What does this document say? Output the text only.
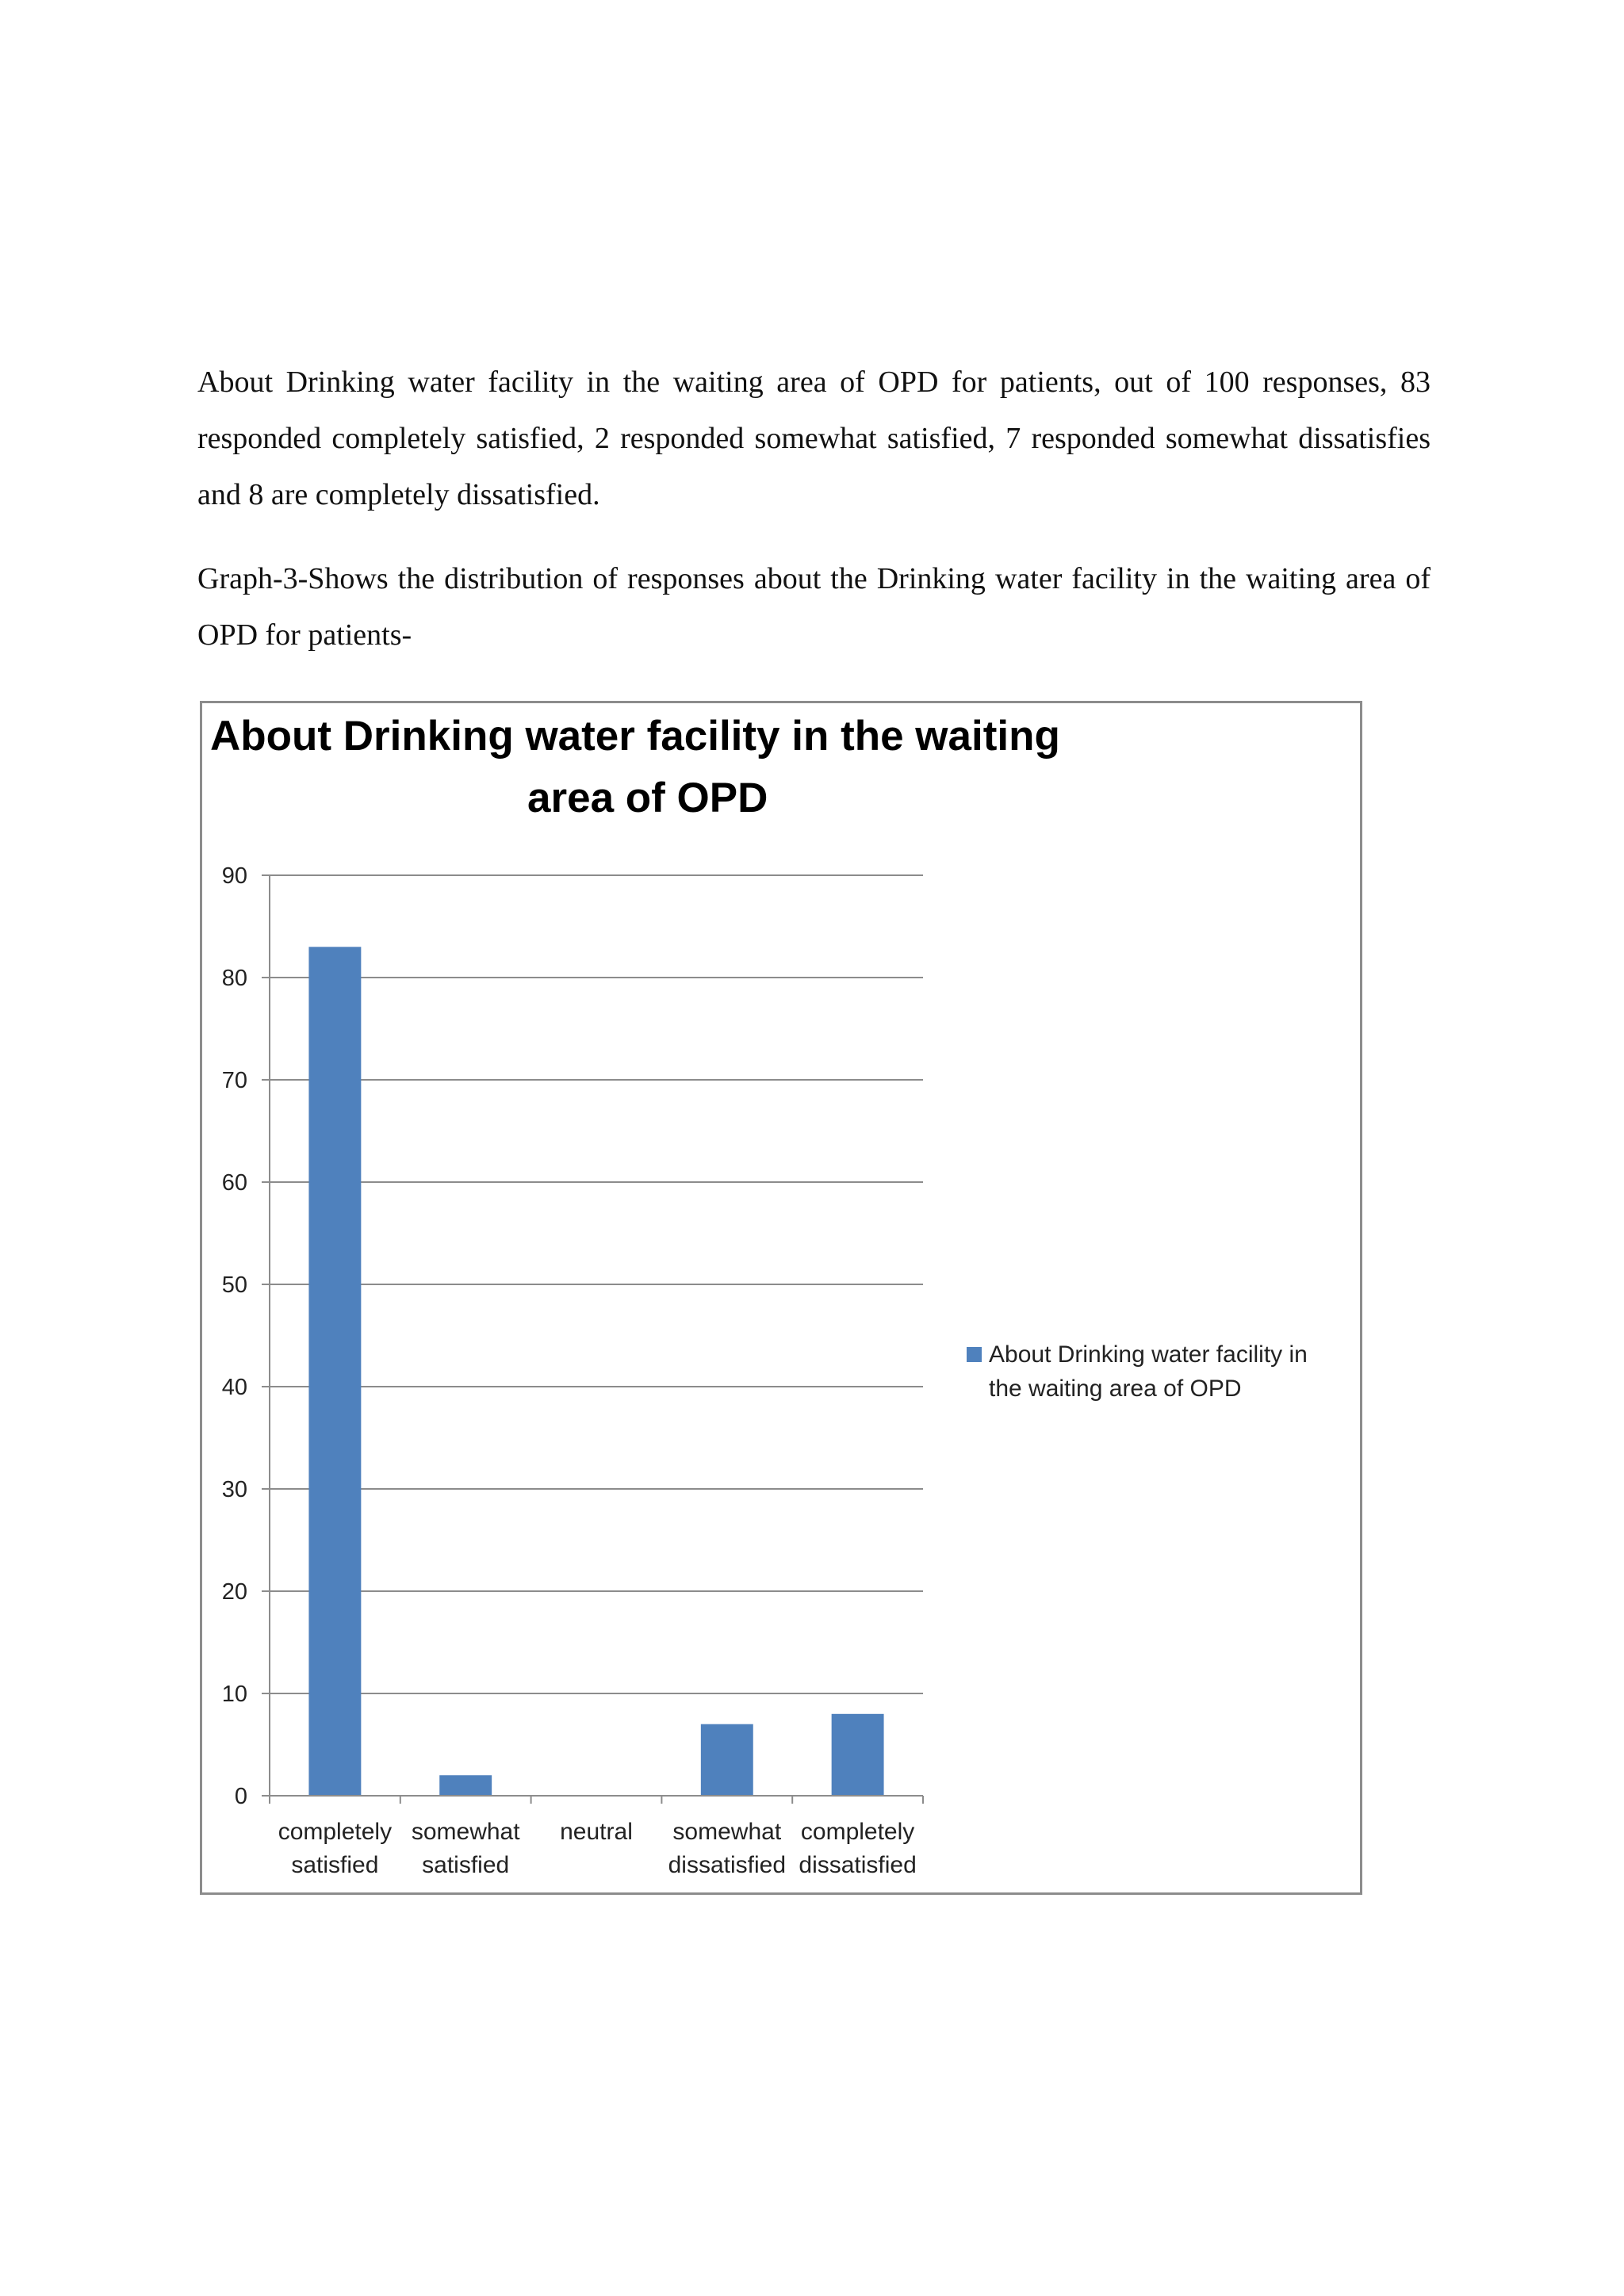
About Drinking water facility in the waiting area of OPD for patients, out of 100 responses, 83 responded completely satisfied, 2 responded somewhat satisfied, 7 responded somewhat dissatisfies and 8 are completely dissatisfied.

Graph-3-Shows the distribution of responses about the Drinking water facility in the waiting area of OPD for patients-

About Drinking water facility in the waiting
area of OPD
0
10
20
30
40
50
60
70
80
90
completely satisfied
somewhat satisfied
neutral somewhat dissatisfied
completely dissatisfied
About Drinking water facility in the waiting area of OPD
